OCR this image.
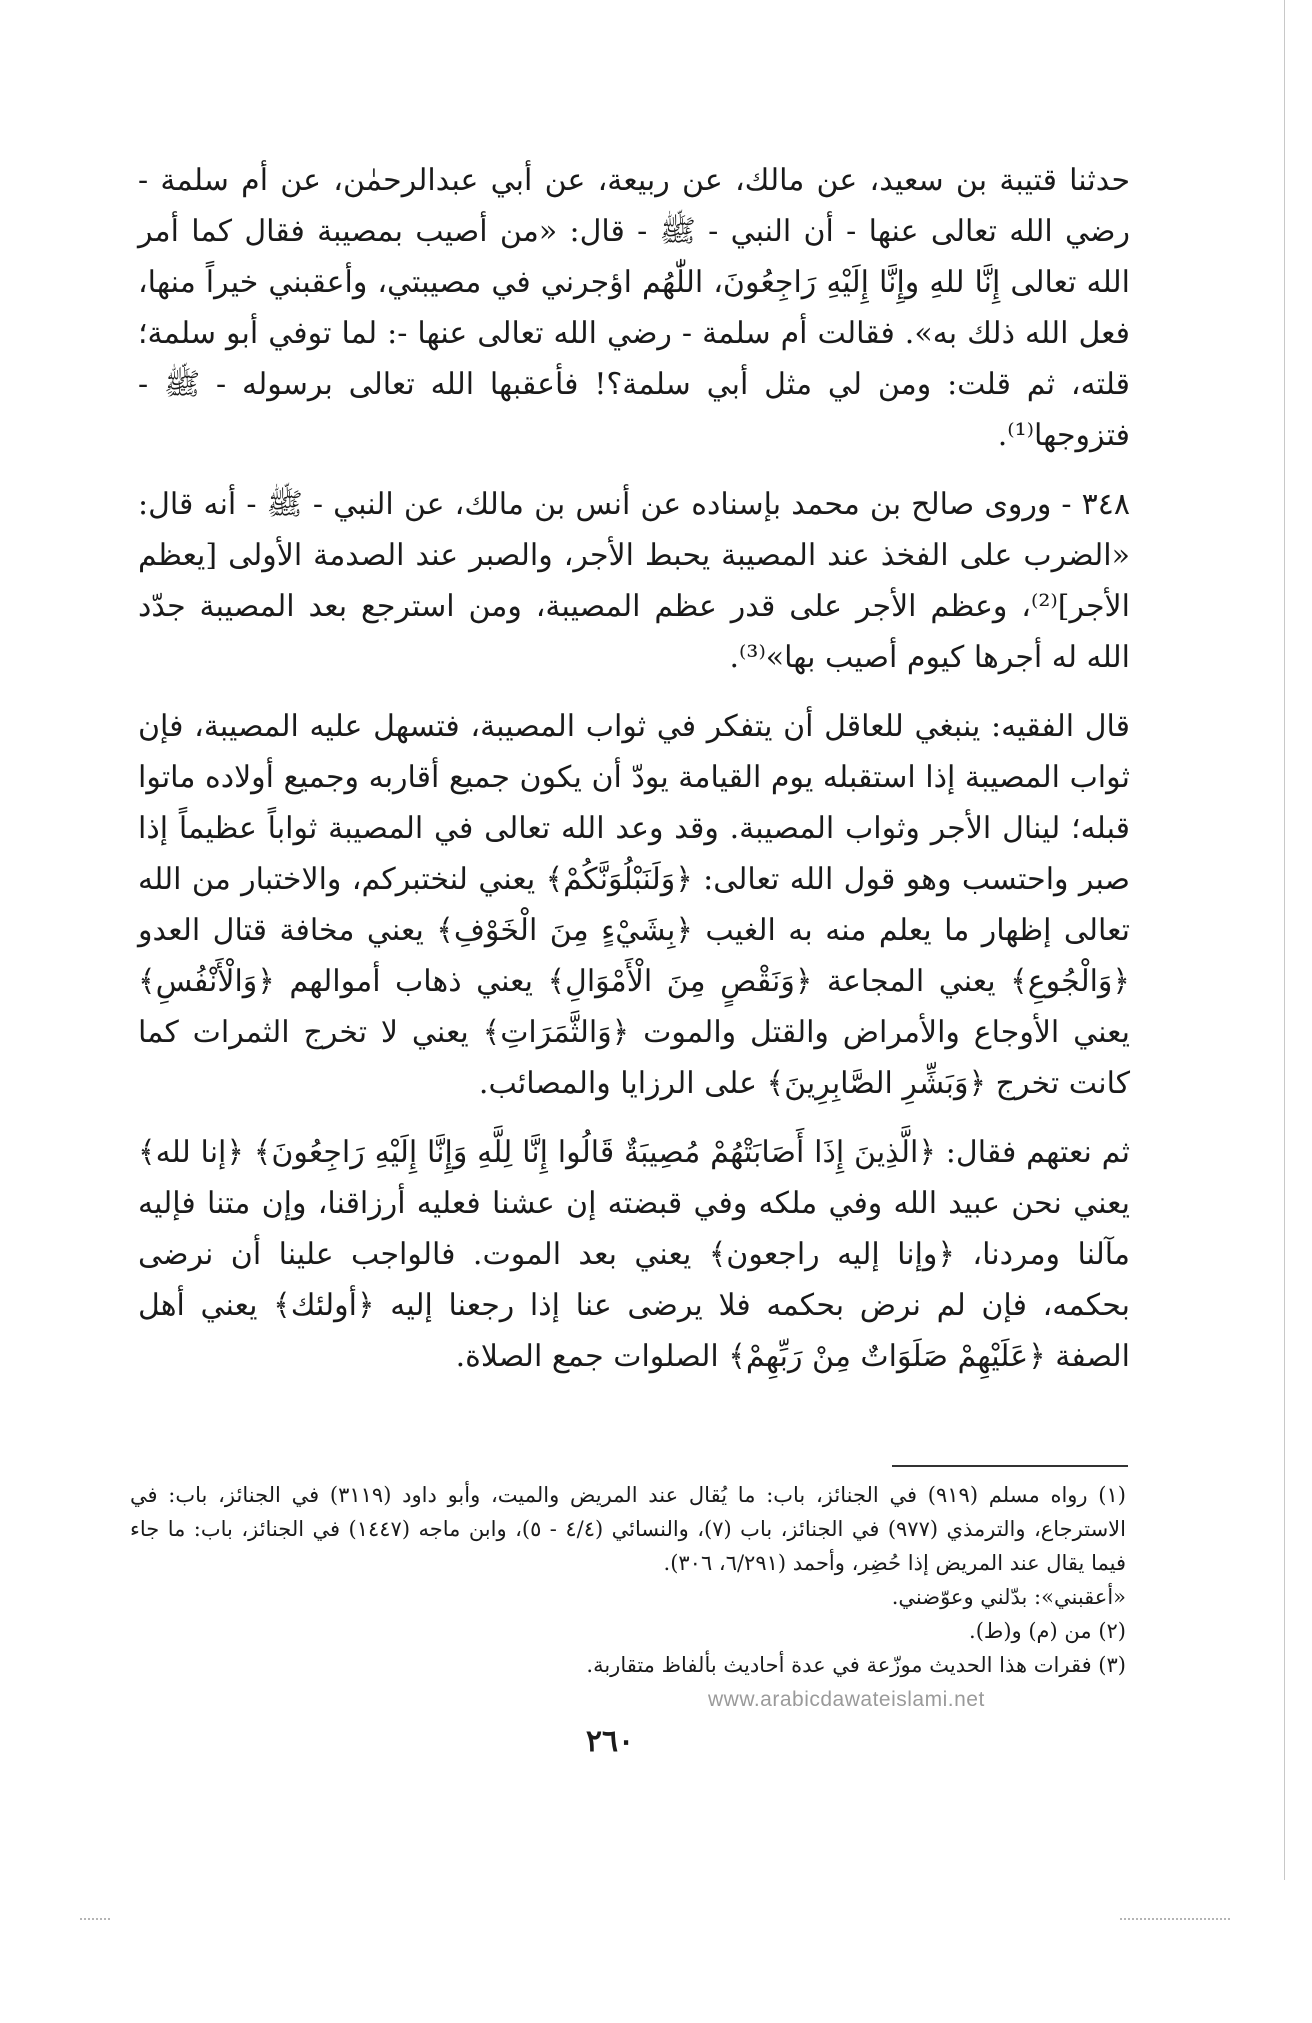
حدثنا قتيبة بن سعيد، عن مالك، عن ربيعة، عن أبي عبدالرحمٰن، عن أم سلمة - رضي الله تعالى عنها - أن النبي - ﷺ - قال: «من أصيب بمصيبة فقال كما أمر الله تعالى إِنَّا للهِ وإِنَّا إِلَيْهِ رَاجِعُونَ، اللّٰهُم اؤجرني في مصيبتي، وأعقبني خيراً منها، فعل الله ذلك به». فقالت أم سلمة - رضي الله تعالى عنها -: لما توفي أبو سلمة؛ قلته، ثم قلت: ومن لي مثل أبي سلمة؟! فأعقبها الله تعالى برسوله - ﷺ - فتزوجها⁽¹⁾.

٣٤٨ - وروى صالح بن محمد بإسناده عن أنس بن مالك، عن النبي - ﷺ - أنه قال: «الضرب على الفخذ عند المصيبة يحبط الأجر، والصبر عند الصدمة الأولى [يعظم الأجر]⁽²⁾، وعظم الأجر على قدر عظم المصيبة، ومن استرجع بعد المصيبة جدّد الله له أجرها كيوم أصيب بها»⁽³⁾.

قال الفقيه: ينبغي للعاقل أن يتفكر في ثواب المصيبة، فتسهل عليه المصيبة، فإن ثواب المصيبة إذا استقبله يوم القيامة يودّ أن يكون جميع أقاربه وجميع أولاده ماتوا قبله؛ لينال الأجر وثواب المصيبة. وقد وعد الله تعالى في المصيبة ثواباً عظيماً إذا صبر واحتسب وهو قول الله تعالى: ﴿وَلَنَبْلُوَنَّكُمْ﴾ يعني لنختبركم، والاختبار من الله تعالى إظهار ما يعلم منه به الغيب ﴿بِشَيْءٍ مِنَ الْخَوْفِ﴾ يعني مخافة قتال العدو ﴿وَالْجُوعِ﴾ يعني المجاعة ﴿وَنَقْصٍ مِنَ الْأَمْوَالِ﴾ يعني ذهاب أموالهم ﴿وَالْأَنْفُسِ﴾ يعني الأوجاع والأمراض والقتل والموت ﴿وَالثَّمَرَاتِ﴾ يعني لا تخرج الثمرات كما كانت تخرج ﴿وَبَشِّرِ الصَّابِرِينَ﴾ على الرزايا والمصائب.

ثم نعتهم فقال: ﴿الَّذِينَ إِذَا أَصَابَتْهُمْ مُصِيبَةٌ قَالُوا إِنَّا لِلَّهِ وَإِنَّا إِلَيْهِ رَاجِعُونَ﴾ ﴿إنا لله﴾ يعني نحن عبيد الله وفي ملكه وفي قبضته إن عشنا فعليه أرزاقنا، وإن متنا فإليه مآلنا ومردنا، ﴿وإنا إليه راجعون﴾ يعني بعد الموت. فالواجب علينا أن نرضى بحكمه، فإن لم نرض بحكمه فلا يرضى عنا إذا رجعنا إليه ﴿أولئك﴾ يعني أهل الصفة ﴿عَلَيْهِمْ صَلَوَاتٌ مِنْ رَبِّهِمْ﴾ الصلوات جمع الصلاة.

(١) رواه مسلم (٩١٩) في الجنائز، باب: ما يُقال عند المريض والميت، وأبو داود (٣١١٩) في الجنائز، باب: في الاسترجاع، والترمذي (٩٧٧) في الجنائز، باب (٧)، والنسائي (٤/٤ - ٥)، وابن ماجه (١٤٤٧) في الجنائز، باب: ما جاء فيما يقال عند المريض إذا حُضِر، وأحمد (٦/٢٩١، ٣٠٦).

«أعقبني»: بدّلني وعوّضني.

(٢) من (م) و(ط).

(٣) فقرات هذا الحديث موزّعة في عدة أحاديث بألفاظ متقاربة.

www.arabicdawateislami.net
٢٦٠
